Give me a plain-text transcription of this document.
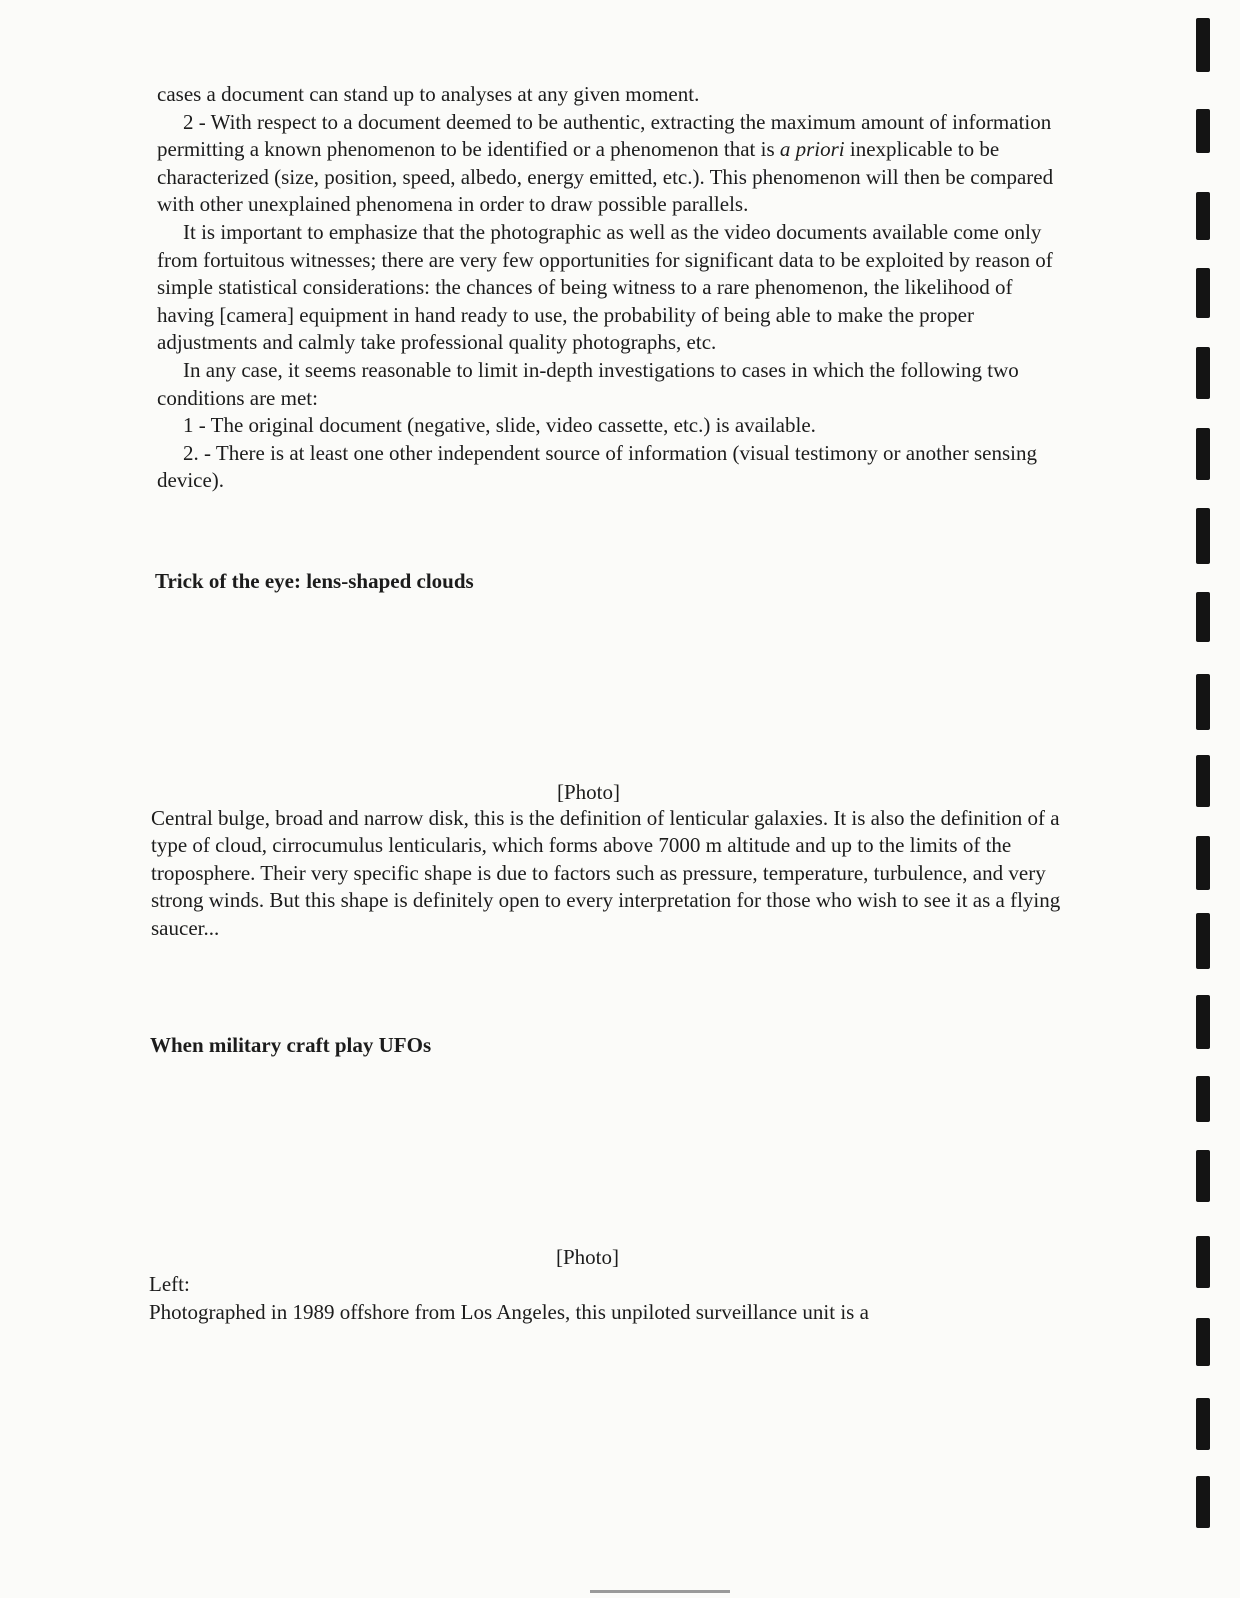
cases a document can stand up to analyses at any given moment.

2 - With respect to a document deemed to be authentic, extracting the maximum amount of information permitting a known phenomenon to be identified or a phenomenon that is a priori inexplicable to be characterized (size, position, speed, albedo, energy emitted, etc.). This phenomenon will then be compared with other unexplained phenomena in order to draw possible parallels.

It is important to emphasize that the photographic as well as the video documents available come only from fortuitous witnesses; there are very few opportunities for significant data to be exploited by reason of simple statistical considerations: the chances of being witness to a rare phenomenon, the likelihood of having [camera] equipment in hand ready to use, the probability of being able to make the proper adjustments and calmly take professional quality photographs, etc.

In any case, it seems reasonable to limit in-depth investigations to cases in which the following two conditions are met:

1 - The original document (negative, slide, video cassette, etc.) is available.

2. - There is at least one other independent source of information (visual testimony or another sensing device).

Trick of the eye: lens-shaped clouds

[Photo]

Central bulge, broad and narrow disk, this is the definition of lenticular galaxies. It is also the definition of a type of cloud, cirrocumulus lenticularis, which forms above 7000 m altitude and up to the limits of the troposphere. Their very specific shape is due to factors such as pressure, temperature, turbulence, and very strong winds. But this shape is definitely open to every interpretation for those who wish to see it as a flying saucer...

When military craft play UFOs

[Photo]

Left:

Photographed in 1989 offshore from Los Angeles, this unpiloted surveillance unit is a
